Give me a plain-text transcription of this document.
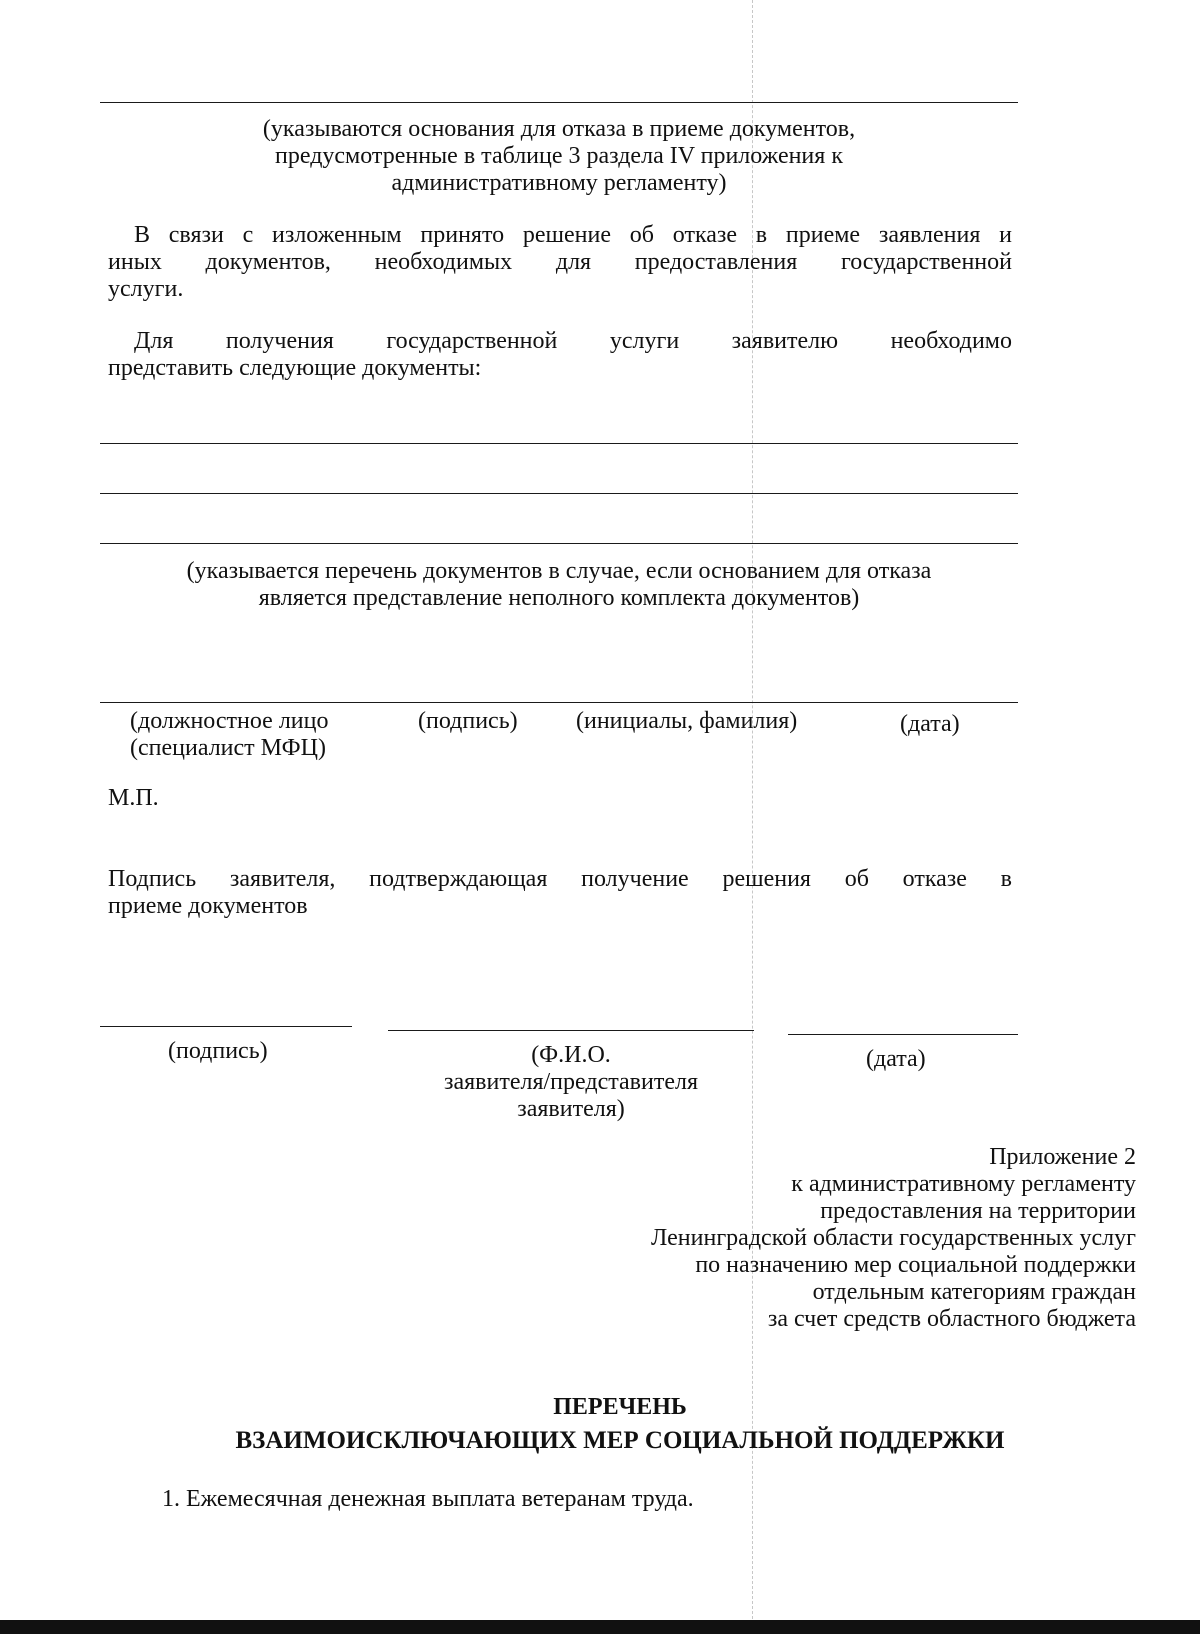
(указываются основания для отказа в приеме документов,
предусмотренные в таблице 3 раздела IV приложения к
административному регламенту)
В связи с изложенным принято решение об отказе в приеме заявления и
иных документов, необходимых для предоставления государственной
услуги.
Для получения государственной услуги заявителю необходимо
представить следующие документы:
(указывается перечень документов в случае, если основанием для отказа
является представление неполного комплекта документов)
(должностное лицо
(специалист МФЦ)
(подпись) (инициалы, фамилия)	(дата)
М.П.
Подпись заявителя, подтверждающая получение решения об отказе в
приеме документов
(подпись)	(Ф.И.О.
заявителя/представителя
заявителя)
(дата)
Приложение 2
к административному регламенту
предоставления на территории
Ленинградской области государственных услуг
по назначению мер социальной поддержки
отдельным категориям граждан
за счет средств областного бюджета
ПЕРЕЧЕНЬ
ВЗАИМОИСКЛЮЧАЮЩИХ МЕР СОЦИАЛЬНОЙ ПОДДЕРЖКИ
1. Ежемесячная денежная выплата ветеранам труда.
